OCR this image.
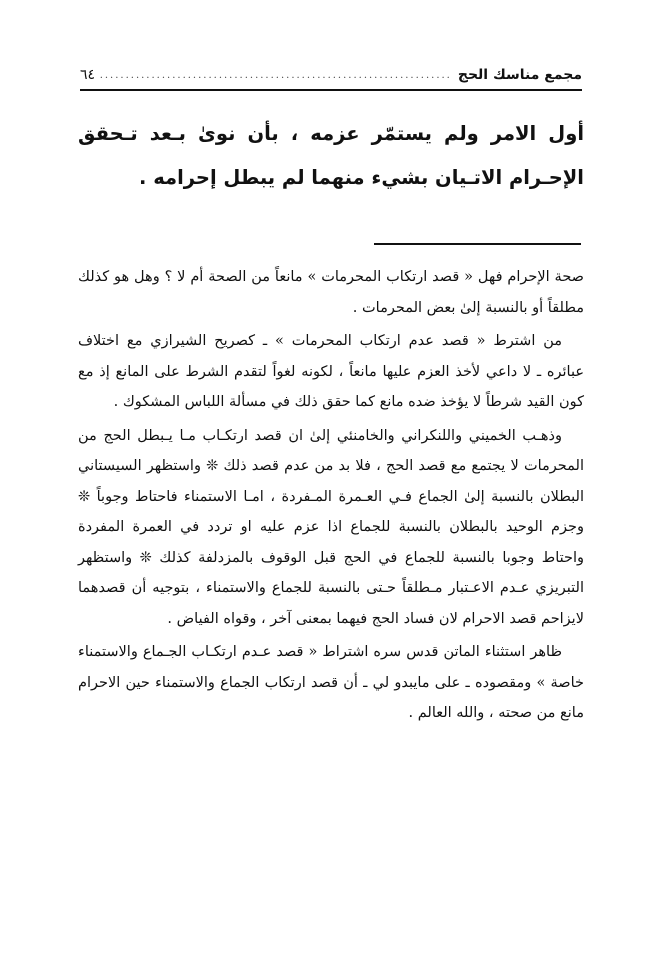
مجمع مناسك الحج
....................................................................
٦٤

أول الامر ولم يستمّر عزمه ، بأن نوىٰ بـعد تـحقق الإحـرام الاتـيان بشيء منهما لم يبطل إحرامه .

صحة الإحرام فهل « قصد ارتكاب المحرمات » مانعاً من الصحة أم لا ؟ وهل هو كذلك مطلقاً أو بالنسبة إلىٰ بعض المحرمات .

من اشترط « قصد عدم ارتكاب المحرمات » ـ كصريح الشيرازي مع اختلاف عبائره ـ لا داعي لأخذ العزم عليها مانعاً ، لكونه لغواً لتقدم الشرط على المانع إذ مع كون القيد شرطاً لا يؤخذ ضده مانع كما حقق ذلك في مسألة اللباس المشكوك .

وذهـب الخميني واللنكراني والخامنئي إلىٰ ان قصد ارتكـاب مـا يـبطل الحج من المحرمات لا يجتمع مع قصد الحج ، فلا بد من عدم قصد ذلك ❊ واستظهر السيستاني البطلان بالنسبة إلىٰ الجماع فـي العـمرة المـفردة ، امـا الاستمناء فاحتاط وجوباً ❊ وجزم الوحيد بالبطلان بالنسبة للجماع اذا عزم عليه او تردد في العمرة المفردة واحتاط وجوبا بالنسبة للجماع في الحج قبل الوقوف بالمزدلفة كذلك ❊ واستظهر التبريزي عـدم الاعـتبار مـطلقاً حـتى بالنسبة للجماع والاستمناء ، بتوجيه أن قصدهما لايزاحم قصد الاحرام لان فساد الحج فيهما بمعنى آخر ، وقواه الفياض .

ظاهر استثناء الماتن قدس سره اشتراط « قصد عـدم ارتكـاب الجـماع والاستمناء خاصة » ومقصوده ـ على مايبدو لي ـ أن قصد ارتكاب الجماع والاستمناء حين الاحرام مانع من صحته ، والله العالم .
